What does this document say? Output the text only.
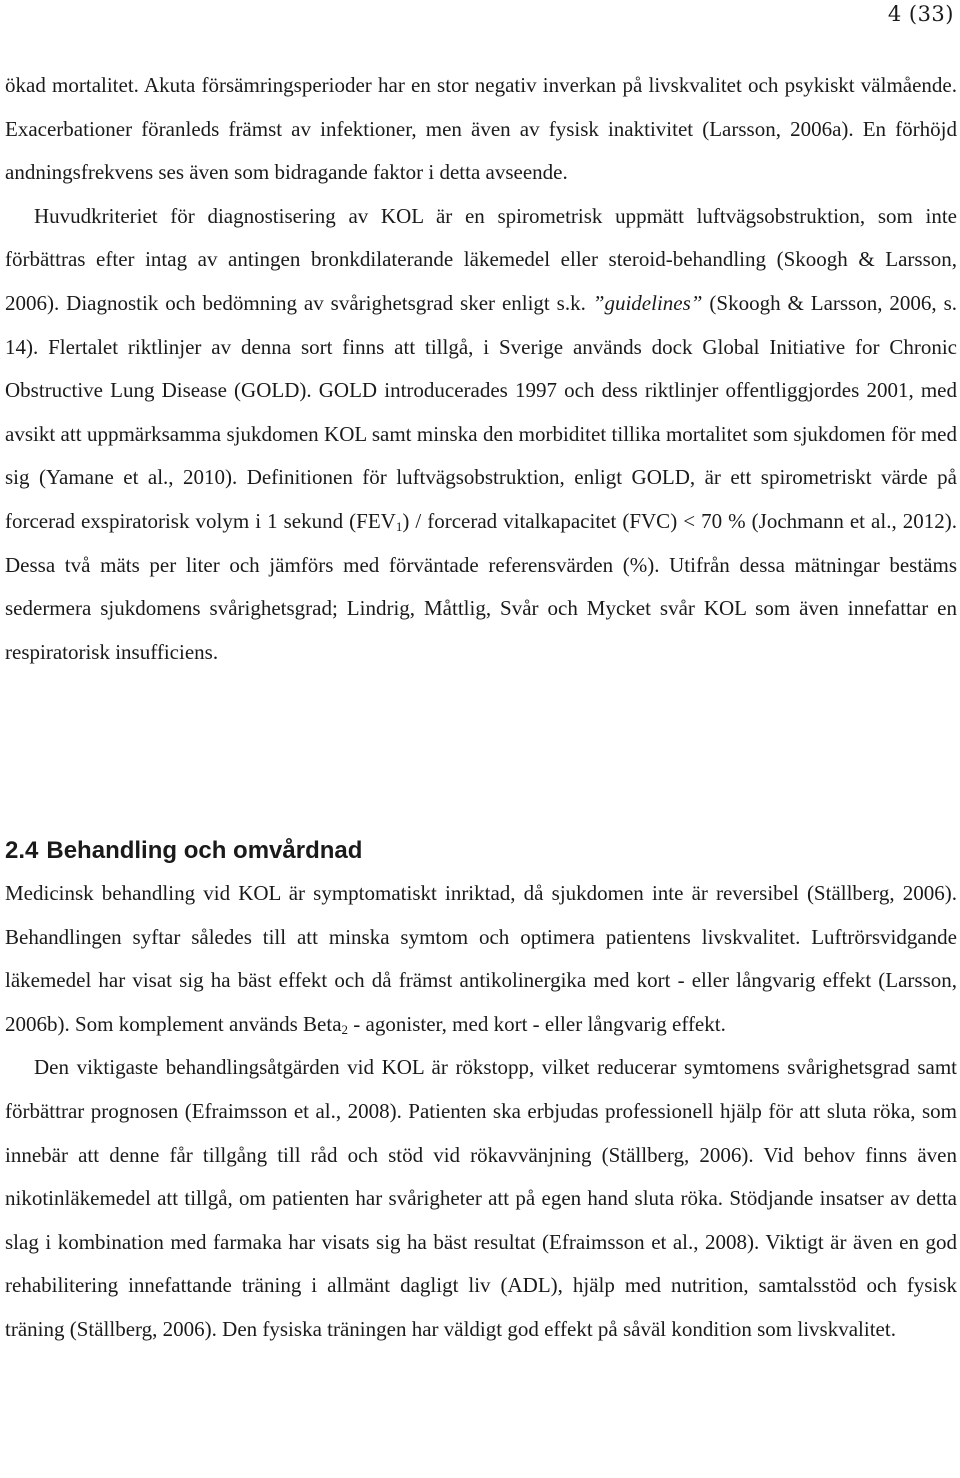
4 (33)

ökad mortalitet. Akuta försämringsperioder har en stor negativ inverkan på livskvalitet och psykiskt välmående. Exacerbationer föranleds främst av infektioner, men även av fysisk inaktivitet (Larsson, 2006a). En förhöjd andningsfrekvens ses även som bidragande faktor i detta avseende.

Huvudkriteriet för diagnostisering av KOL är en spirometrisk uppmätt luftvägsobstruktion, som inte förbättras efter intag av antingen bronkdilaterande läkemedel eller steroid-behandling (Skoogh & Larsson, 2006). Diagnostik och bedömning av svårighetsgrad sker enligt s.k. ”guidelines” (Skoogh & Larsson, 2006, s. 14). Flertalet riktlinjer av denna sort finns att tillgå, i Sverige används dock Global Initiative for Chronic Obstructive Lung Disease (GOLD). GOLD introducerades 1997 och dess riktlinjer offentliggjordes 2001, med avsikt att uppmärksamma sjukdomen KOL samt minska den morbiditet tillika mortalitet som sjukdomen för med sig (Yamane et al., 2010). Definitionen för luftvägsobstruktion, enligt GOLD, är ett spirometriskt värde på forcerad exspiratorisk volym i 1 sekund $(FEV_1)$ / forcerad vitalkapacitet (FVC) < 70 % (Jochmann et al., 2012). Dessa två mäts per liter och jämförs med förväntade referensvärden (%). Utifrån dessa mätningar bestäms sedermera sjukdomens svårighetsgrad; Lindrig, Måttlig, Svår och Mycket svår KOL som även innefattar en respiratorisk insufficiens.

2.4 Behandling och omvårdnad

Medicinsk behandling vid KOL är symptomatiskt inriktad, då sjukdomen inte är reversibel (Ställberg, 2006). Behandlingen syftar således till att minska symtom och optimera patientens livskvalitet. Luftrörsvidgande läkemedel har visat sig ha bäst effekt och då främst antikolinergika med kort - eller långvarig effekt (Larsson, 2006b). Som komplement används Beta$_2$ - agonister, med kort - eller långvarig effekt.

Den viktigaste behandlingsåtgärden vid KOL är rökstopp, vilket reducerar symtomens svårighetsgrad samt förbättrar prognosen (Efraimsson et al., 2008). Patienten ska erbjudas professionell hjälp för att sluta röka, som innebär att denne får tillgång till råd och stöd vid rökavvänjning (Ställberg, 2006). Vid behov finns även nikotinläkemedel att tillgå, om patienten har svårigheter att på egen hand sluta röka. Stödjande insatser av detta slag i kombination med farmaka har visats sig ha bäst resultat (Efraimsson et al., 2008). Viktigt är även en god rehabilitering innefattande träning i allmänt dagligt liv (ADL), hjälp med nutrition, samtalsstöd och fysisk träning (Ställberg, 2006). Den fysiska träningen har väldigt god effekt på såväl kondition som livskvalitet.
